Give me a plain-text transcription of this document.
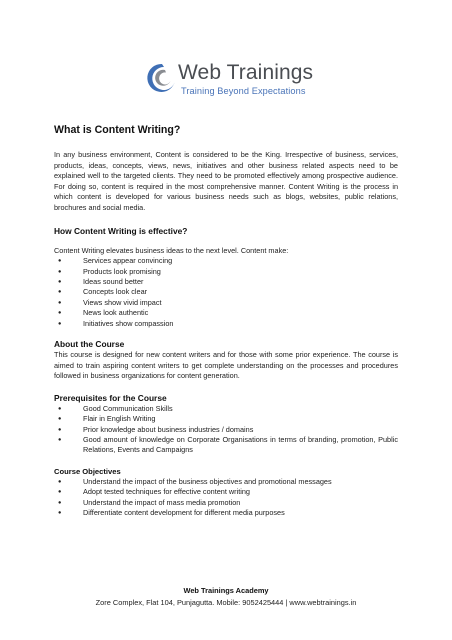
Web Trainings
Training Beyond Expectations
What is Content Writing?

In any business environment, Content is considered to be the King. Irrespective of business, services, products, ideas, concepts, views, news, initiatives and other business related aspects need to be explained well to the targeted clients. They need to be promoted effectively among prospective audience. For doing so, content is required in the most comprehensive manner. Content Writing is the process in which content is developed for various business needs such as blogs, websites, public relations, brochures and social media.

How Content Writing is effective?

Content Writing elevates business ideas to the next level. Content make:

● Services appear convincing
● Products look promising
● Ideas sound better
● Concepts look clear
● Views show vivid impact
● News look authentic
● Initiatives show compassion
About the Course

This course is designed for new content writers and for those with some prior experience. The course is aimed to train aspiring content writers to get complete understanding on the processes and procedures followed in business organizations for content generation.

Prerequisites for the Course
● Good Communication Skills
● Flair in English Writing
● Prior knowledge about business industries / domains
● Good amount of knowledge on Corporate Organisations in terms of branding, promotion, Public Relations, Events and Campaigns
Course Objectives
● Understand the impact of the business objectives and promotional messages
● Adopt tested techniques for effective content writing
● Understand the impact of mass media promotion
● Differentiate content development for different media purposes
Web Trainings Academy
Zore Complex, Flat 104, Punjagutta. Mobile: 9052425444 | www.webtrainings.in
